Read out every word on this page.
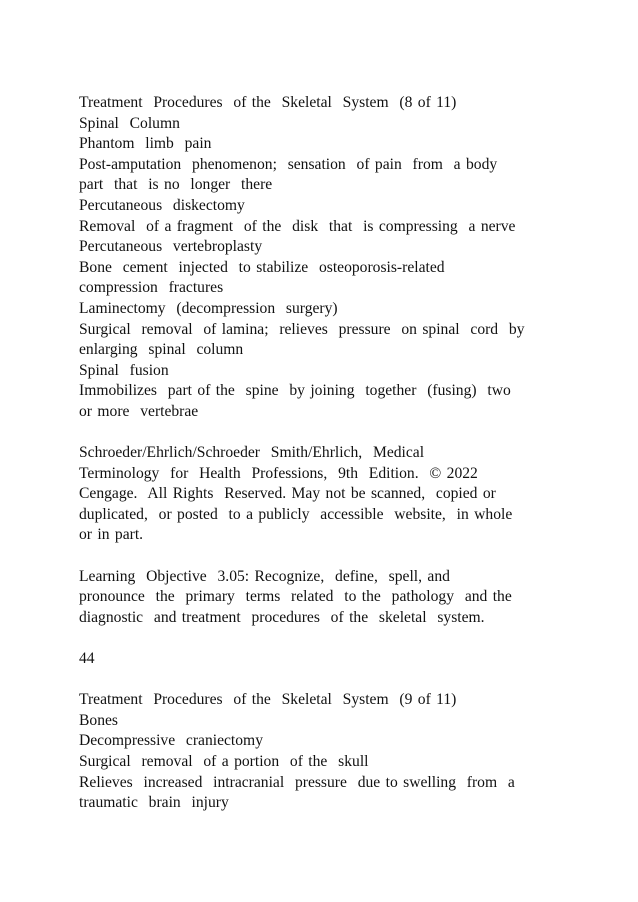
Treatment  Procedures  of the  Skeletal  System  (8 of 11)
Spinal  Column
Phantom  limb  pain
Post-amputation  phenomenon;  sensation  of pain  from  a body
part  that  is no  longer  there
Percutaneous  diskectomy
Removal  of a fragment  of the  disk  that  is compressing  a nerve
Percutaneous  vertebroplasty
Bone  cement  injected  to stabilize  osteoporosis-related
compression  fractures
Laminectomy  (decompression  surgery)
Surgical  removal  of lamina;  relieves  pressure  on spinal  cord  by
enlarging  spinal  column
Spinal  fusion
Immobilizes  part of the  spine  by joining  together  (fusing)  two
or more  vertebrae
Schroeder/Ehrlich/Schroeder  Smith/Ehrlich,  Medical
Terminology  for  Health  Professions,  9th  Edition.  © 2022
Cengage.  All Rights  Reserved. May not be scanned,  copied or
duplicated,  or posted  to a publicly  accessible  website,  in whole
or in part.
Learning  Objective  3.05: Recognize,  define,  spell, and
pronounce  the  primary  terms  related  to the  pathology  and the
diagnostic  and treatment  procedures  of the  skeletal  system.
44
Treatment  Procedures  of the  Skeletal  System  (9 of 11)
Bones
Decompressive  craniectomy
Surgical  removal  of a portion  of the  skull
Relieves  increased  intracranial  pressure  due to swelling  from  a
traumatic  brain  injury
